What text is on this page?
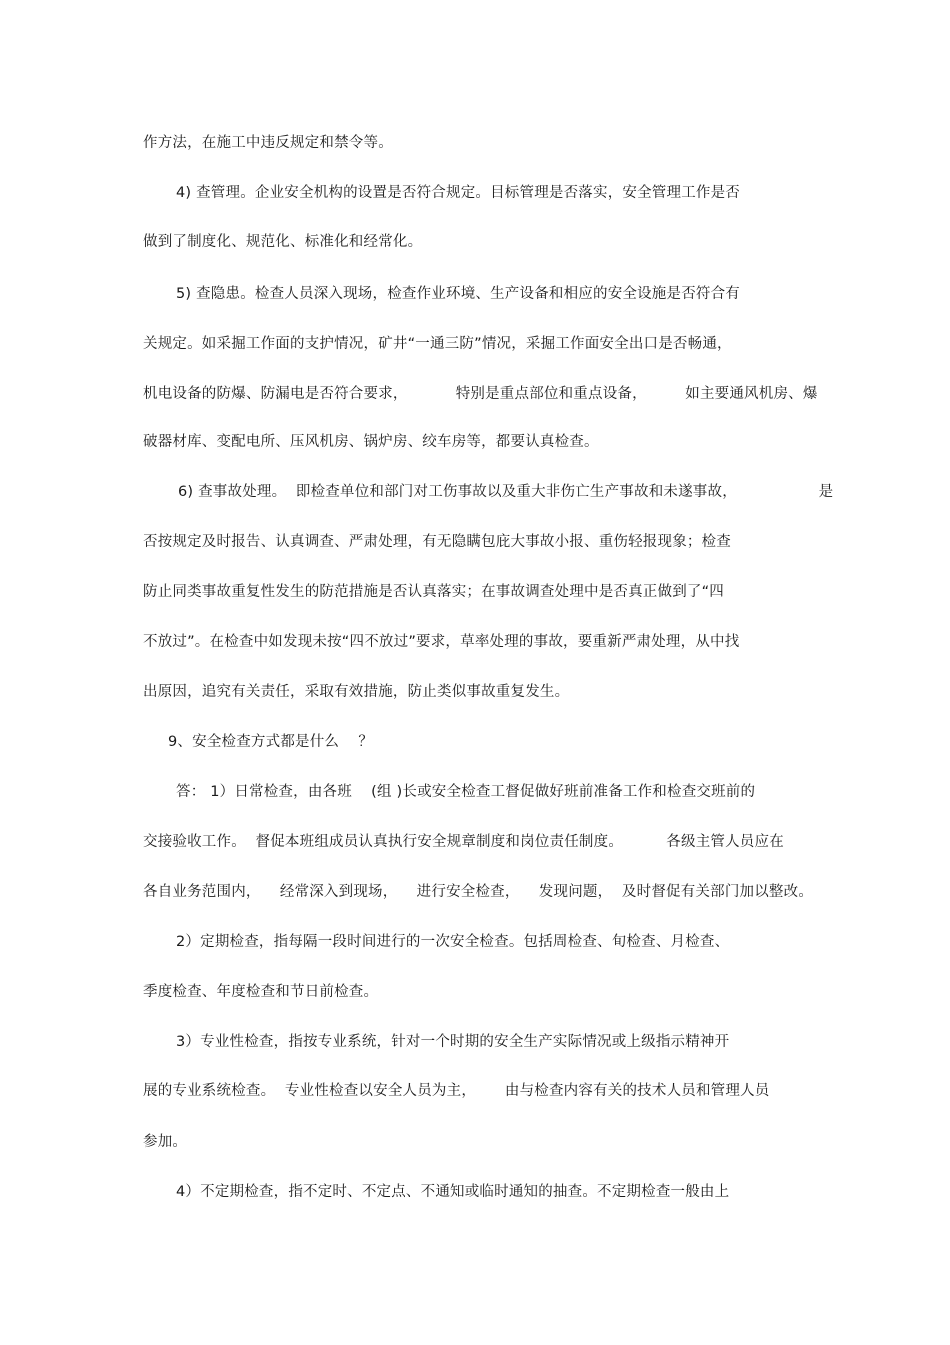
作方法，在施工中违反规定和禁令等。
4) 查管理。企业安全机构的设置是否符合规定。目标管理是否落实，安全管理工作是否
做到了制度化、规范化、标准化和经常化。
5) 查隐患。检查人员深入现场，检查作业环境、生产设备和相应的安全设施是否符合有
关规定。如采掘工作面的支护情况，矿井“一通三防”情况，采掘工作面安全出口是否畅通，
机电设备的防爆、防漏电是否符合要求，          特别是重点部位和重点设备，        如主要通风机房、爆
破器材库、变配电所、压风机房、锅炉房、绞车房等，都要认真检查。
6) 查事故处理。  即检查单位和部门对工伤事故以及重大非伤亡生产事故和未遂事故，                 是
否按规定及时报告、认真调查、严肃处理，有无隐瞒包庇大事故小报、重伤轻报现象；检查
防止同类事故重复性发生的防范措施是否认真落实；在事故调查处理中是否真正做到了“四
不放过”。在检查中如发现未按“四不放过”要求，草率处理的事故，要重新严肃处理，从中找
出原因，追究有关责任，采取有效措施，防止类似事故重复发生。
9、安全检查方式都是什么    ？
答： 1）日常检查，由各班    (组 )长或安全检查工督促做好班前准备工作和检查交班前的
交接验收工作。  督促本班组成员认真执行安全规章制度和岗位责任制度。         各级主管人员应在
各自业务范围内，    经常深入到现场，    进行安全检查，    发现问题，  及时督促有关部门加以整改。
2）定期检查，指每隔一段时间进行的一次安全检查。包括周检查、旬检查、月检查、
季度检查、年度检查和节日前检查。
3）专业性检查，指按专业系统，针对一个时期的安全生产实际情况或上级指示精神开
展的专业系统检查。  专业性检查以安全人员为主，      由与检查内容有关的技术人员和管理人员
参加。
4）不定期检查，指不定时、不定点、不通知或临时通知的抽查。不定期检查一般由上
